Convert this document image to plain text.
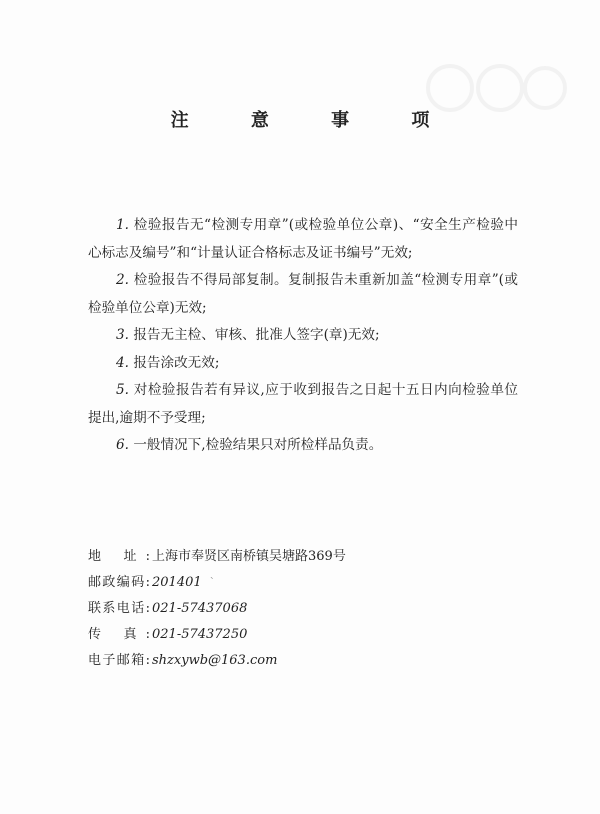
注 意 事 项

1. 检验报告无“检测专用章”(或检验单位公章)、“安全生产检验中心标志及编号”和“计量认证合格标志及证书编号”无效;

2. 检验报告不得局部复制。复制报告未重新加盖“检测专用章”(或检验单位公章)无效;

3. 报告无主检、审核、批准人签字(章)无效;

4. 报告涂改无效;

5. 对检验报告若有异议,应于收到报告之日起十五日内向检验单位提出,逾期不予受理;

6. 一般情况下,检验结果只对所检样品负责。

地 址: 上海市奉贤区南桥镇吴塘路369号
邮政编码: 201401 `
联系电话: 021-57437068
传 真: 021-57437250
电子邮箱: shzxywb@163.com
